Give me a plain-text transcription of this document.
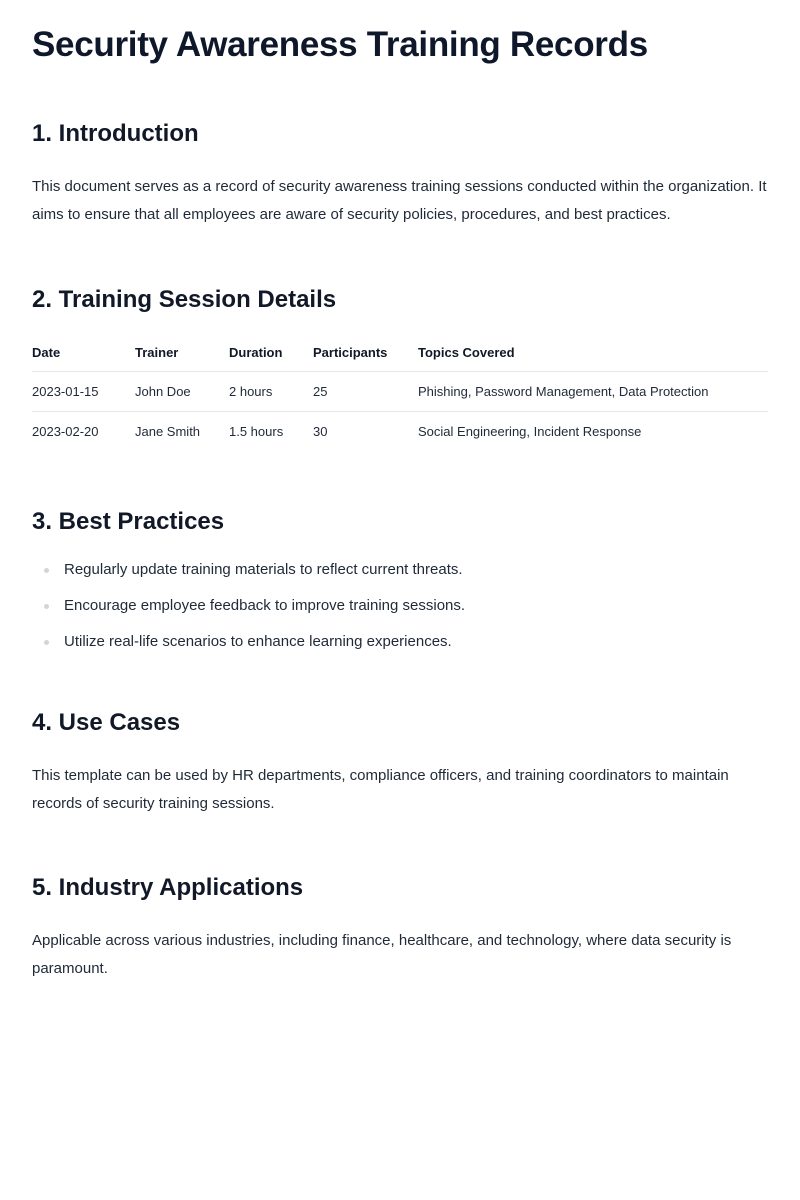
Security Awareness Training Records
1. Introduction

This document serves as a record of security awareness training sessions conducted within the organization. It aims to ensure that all employees are aware of security policies, procedures, and best practices.

2. Training Session Details
Date	Trainer	Duration	Participants	Topics Covered
2023-01-15	John Doe	2 hours	25	Phishing, Password Management, Data Protection
2023-02-20	Jane Smith	1.5 hours	30	Social Engineering, Incident Response
3. Best Practices
Regularly update training materials to reflect current threats.
Encourage employee feedback to improve training sessions.
Utilize real-life scenarios to enhance learning experiences.
4. Use Cases

This template can be used by HR departments, compliance officers, and training coordinators to maintain records of security training sessions.

5. Industry Applications

Applicable across various industries, including finance, healthcare, and technology, where data security is paramount.
